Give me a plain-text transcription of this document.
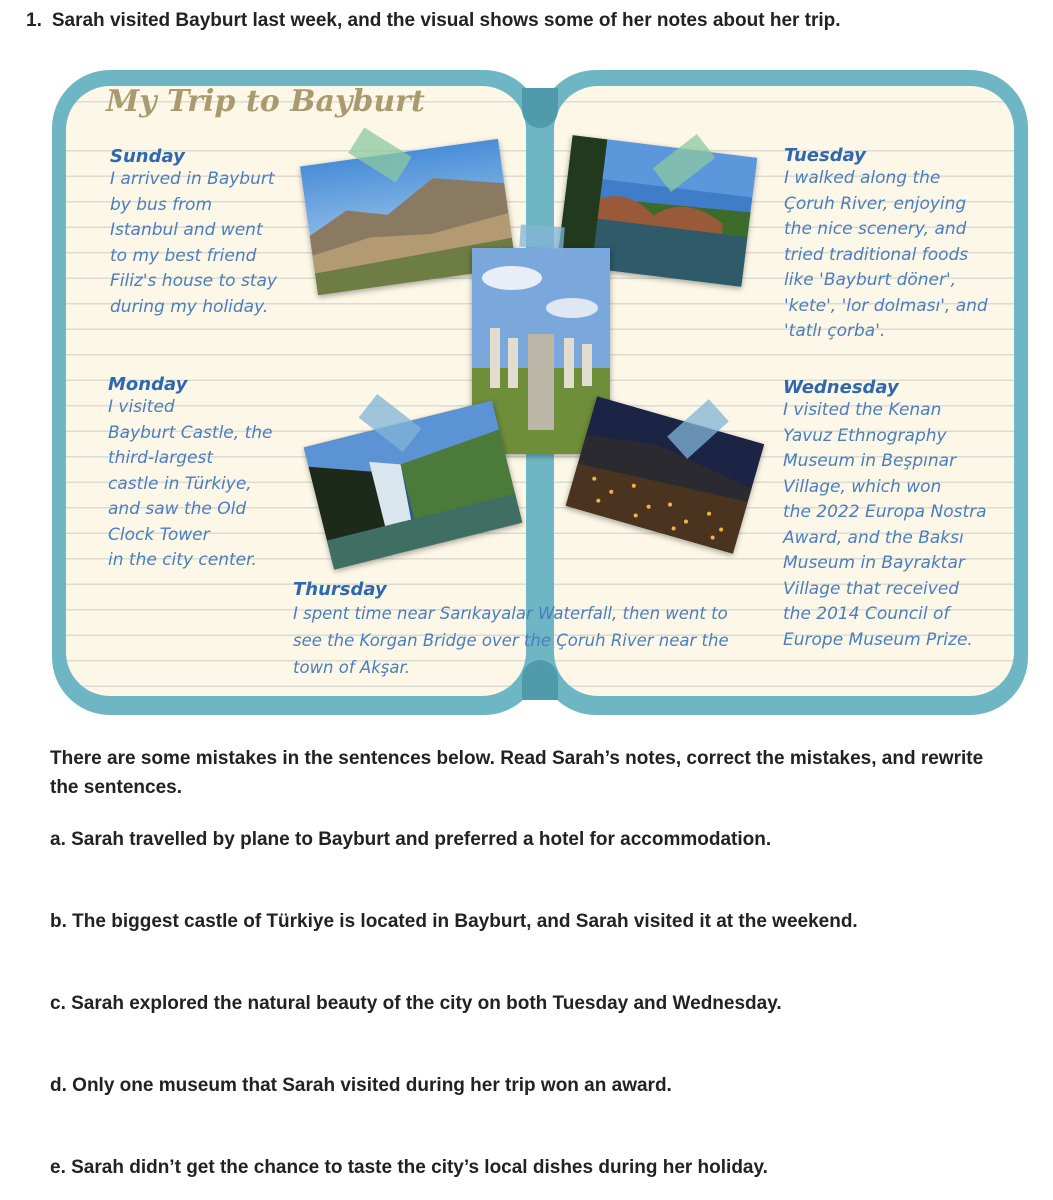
1. Sarah visited Bayburt last week, and the visual shows some of her notes about her trip.
My Trip to Bayburt
Sunday

I arrived in Bayburt
by bus from
Istanbul and went
to my best friend
Filiz's house to stay
during my holiday.

Monday

I visited
Bayburt Castle, the
third-largest
castle in Türkiye,
and saw the Old
Clock Tower
in the city center.

Tuesday

I walked along the
Çoruh River, enjoying
the nice scenery, and
tried traditional foods
like 'Bayburt döner',
'kete', 'lor dolması', and
'tatlı çorba'.

Wednesday

I visited the Kenan
Yavuz Ethnography
Museum in Beşpınar
Village, which won
the 2022 Europa Nostra
Award, and the Baksı
Museum in Bayraktar
Village that received
the 2014 Council of
Europe Museum Prize.

Thursday

I spent time near Sarıkayalar Waterfall, then went to
see the Korgan Bridge over the Çoruh River near the
town of Akşar.

There are some mistakes in the sentences below. Read Sarah’s notes, correct the mistakes, and rewrite the sentences.
a. Sarah travelled by plane to Bayburt and preferred a hotel for accommodation.
b. The biggest castle of Türkiye is located in Bayburt, and Sarah visited it at the weekend.
c. Sarah explored the natural beauty of the city on both Tuesday and Wednesday.
d. Only one museum that Sarah visited during her trip won an award.
e. Sarah didn’t get the chance to taste the city’s local dishes during her holiday.
